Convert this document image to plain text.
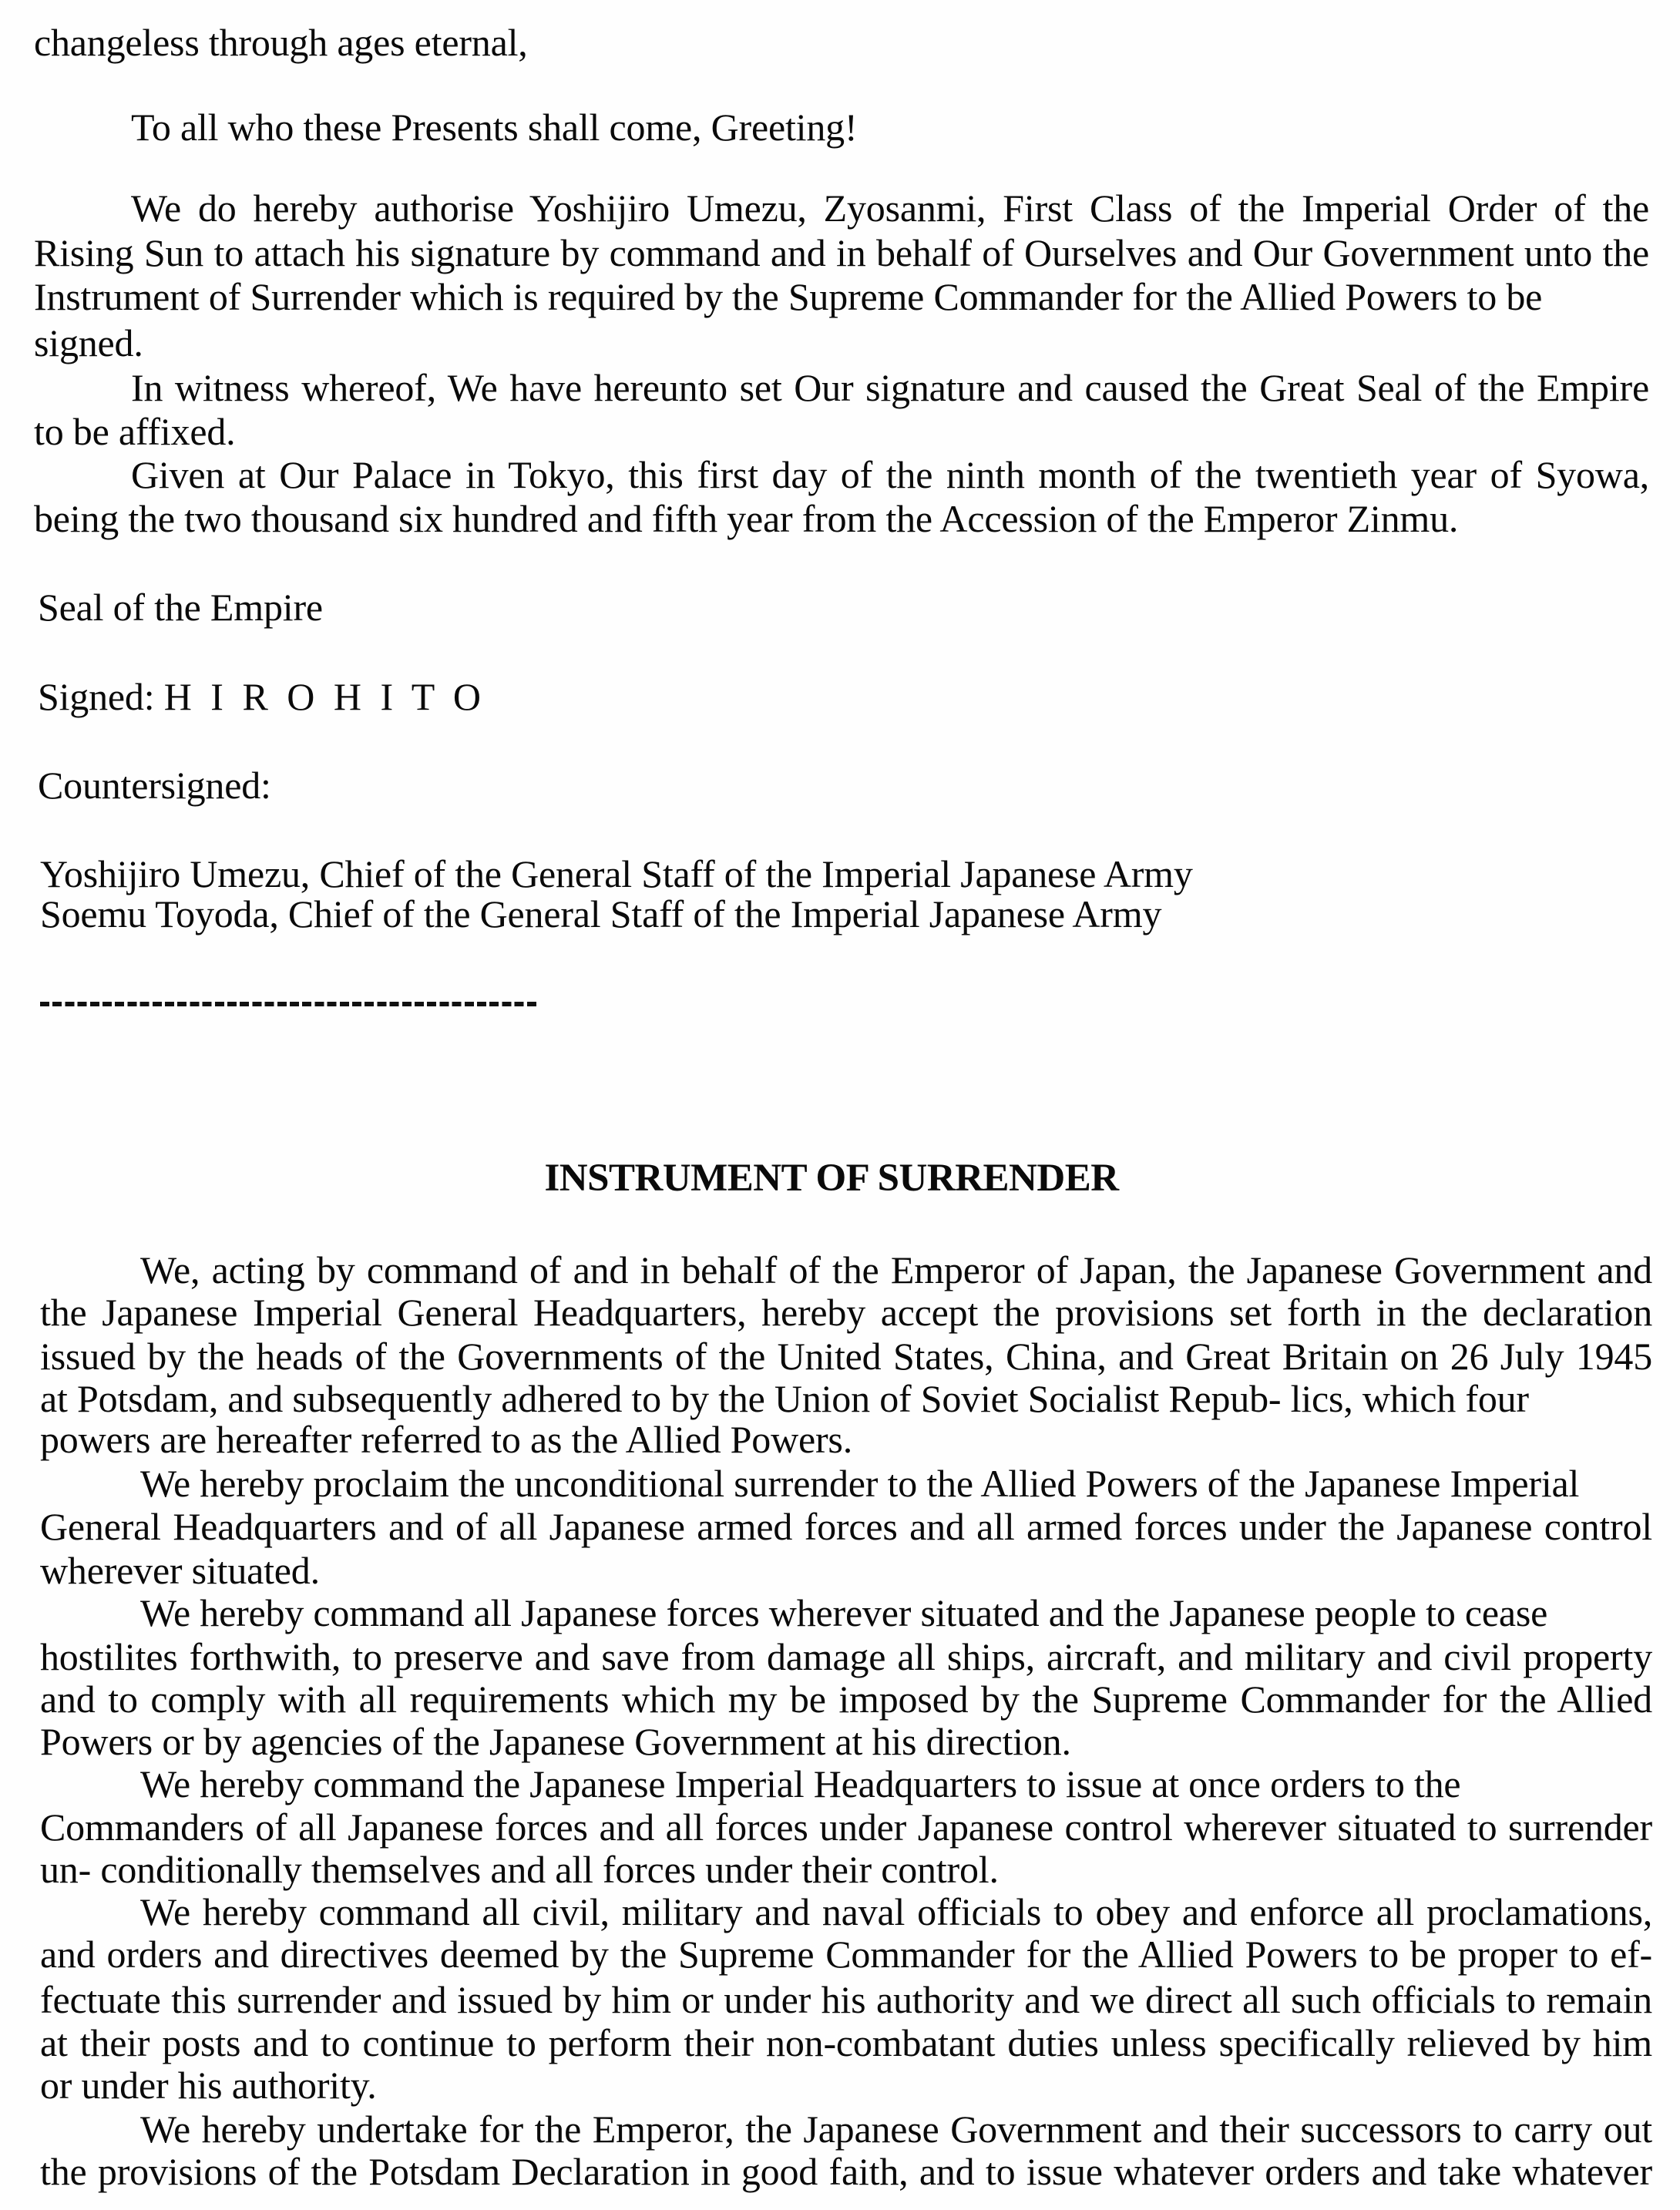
changeless through ages eternal,
To all who these Presents shall come, Greeting!
We do hereby authorise Yoshijiro Umezu, Zyosanmi, First Class of the Imperial Order of the
Rising Sun to attach his signature by command and in behalf of Ourselves and Our Government unto the
Instrument of Surrender which is required by the Supreme Commander for the Allied Powers to be
signed.
In witness whereof, We have hereunto set Our signature and caused the Great Seal of the Empire
to be affixed.
Given at Our Palace in Tokyo, this first day of the ninth month of the twentieth year of Syowa,
being the two thousand six hundred and fifth year from the Accession of the Emperor Zinmu.
Seal of the Empire
Signed: H I R O H I T O
Countersigned:
Yoshijiro Umezu, Chief of the General Staff of the Imperial Japanese Army
Soemu Toyoda, Chief of the General Staff of the Imperial Japanese Army
INSTRUMENT OF SURRENDER
We, acting by command of and in behalf of the Emperor of Japan, the Japanese Government and
the Japanese Imperial General Headquarters, hereby accept the provisions set forth in the declaration
issued by the heads of the Governments of the United States, China, and Great Britain on 26 July 1945
at Potsdam, and subsequently adhered to by the Union of Soviet Socialist Repub- lics, which four
powers are hereafter referred to as the Allied Powers.
We hereby proclaim the unconditional surrender to the Allied Powers of the Japanese Imperial
General Headquarters and of all Japanese armed forces and all armed forces under the Japanese control
wherever situated.
We hereby command all Japanese forces wherever situated and the Japanese people to cease
hostilites forthwith, to preserve and save from damage all ships, aircraft, and military and civil property
and to comply with all requirements which my be imposed by the Supreme Commander for the Allied
Powers or by agencies of the Japanese Government at his direction.
We hereby command the Japanese Imperial Headquarters to issue at once orders to the
Commanders of all Japanese forces and all forces under Japanese control wherever situated to surrender
un- conditionally themselves and all forces under their control.
We hereby command all civil, military and naval officials to obey and enforce all proclamations,
and orders and directives deemed by the Supreme Commander for the Allied Powers to be proper to ef-
fectuate this surrender and issued by him or under his authority and we direct all such officials to remain
at their posts and to continue to perform their non-combatant duties unless specifically relieved by him
or under his authority.
We hereby undertake for the Emperor, the Japanese Government and their successors to carry out
the provisions of the Potsdam Declaration in good faith, and to issue whatever orders and take whatever
